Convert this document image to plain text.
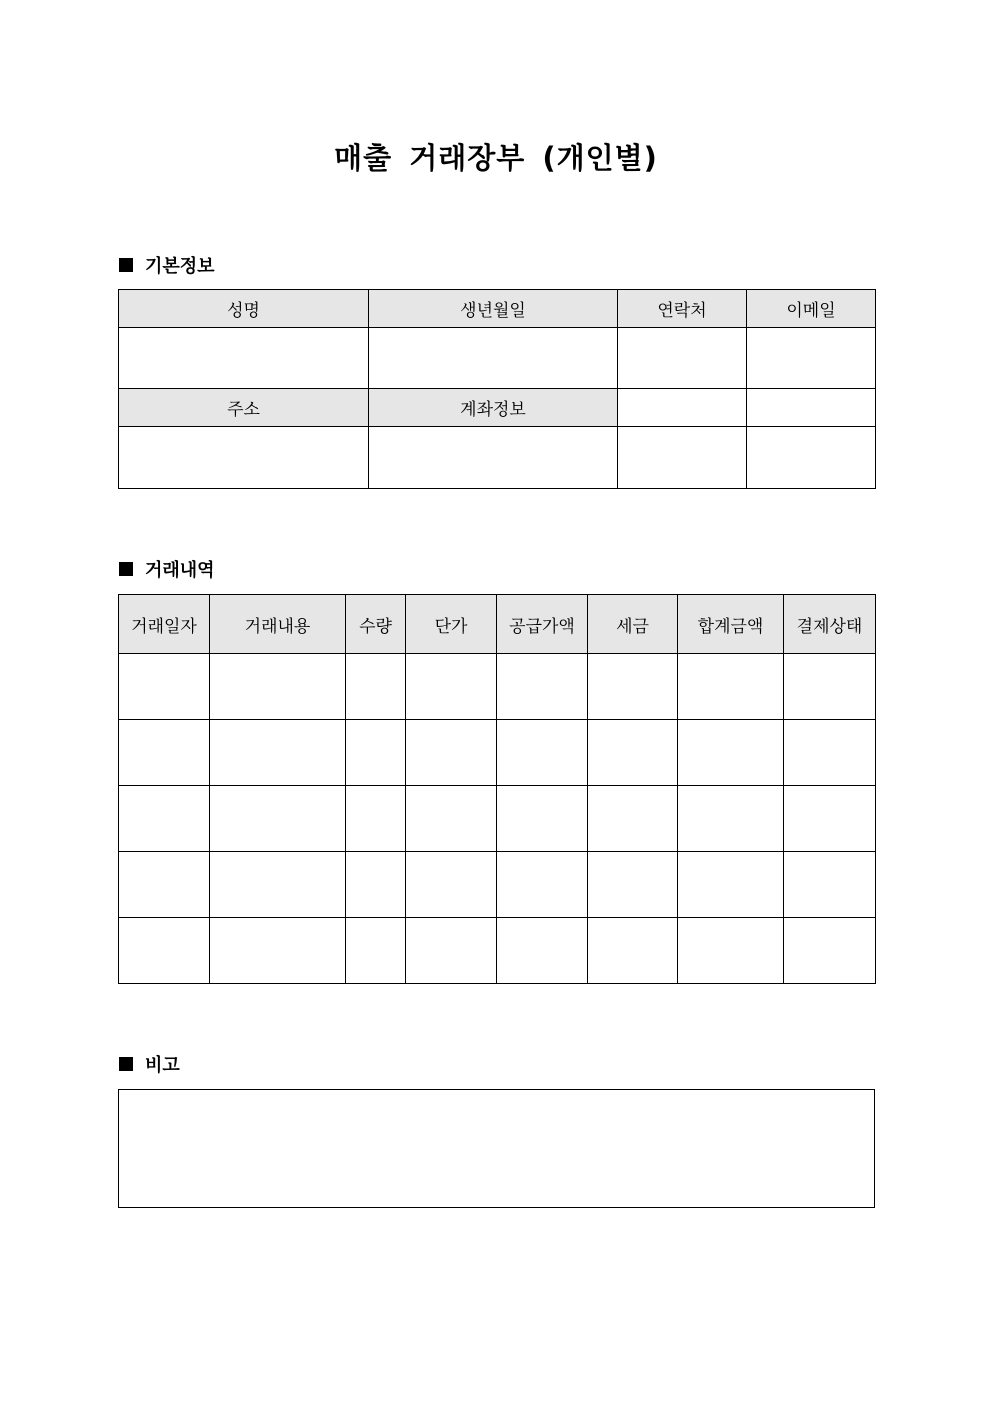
매출 거래장부 (개인별)
기본정보
성명	생년월일	연락처	이메일

주소	계좌정보		

거래내역
거래일자	거래내용	수량	단가	공급가액	세금	합계금액	결제상태

비고
